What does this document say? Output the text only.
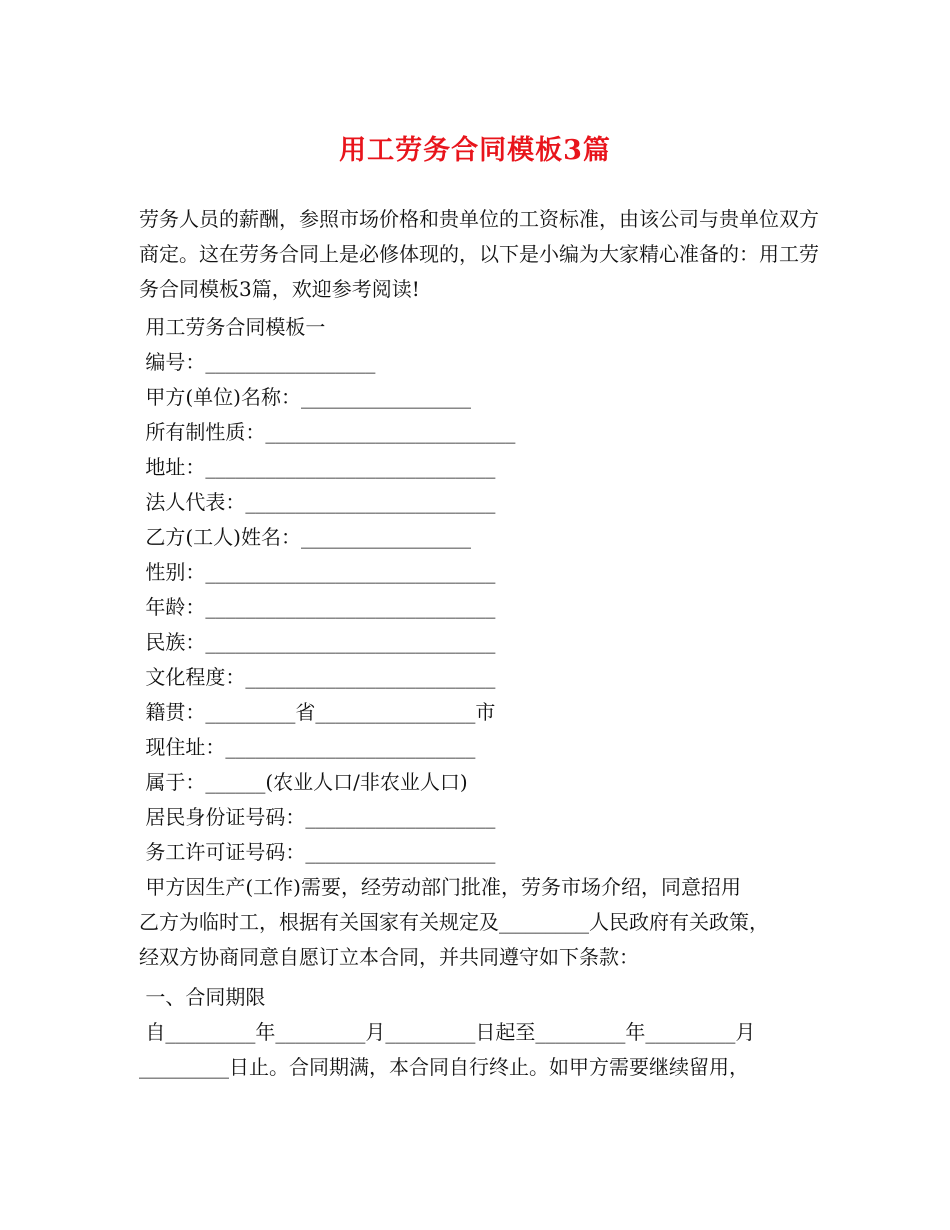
用工劳务合同模板3篇

劳务人员的薪酬，参照市场价格和贵单位的工资标准，由该公司与贵单位双方商定。这在劳务合同上是必修体现的，以下是小编为大家精心准备的：用工劳务合同模板3篇，欢迎参考阅读!

用工劳务合同模板一

编号：_________________

甲方(单位)名称：_________________

所有制性质：_________________________

地址：_____________________________

法人代表：_________________________

乙方(工人)姓名：_________________

性别：_____________________________

年龄：_____________________________

民族：_____________________________

文化程度：_________________________

籍贯：_________省________________市

现住址：_________________________

属于：______(农业人口/非农业人口)

居民身份证号码：___________________

务工许可证号码：___________________

甲方因生产(工作)需要，经劳动部门批准，劳务市场介绍，同意招用

乙方为临时工，根据有关国家有关规定及_________人民政府有关政策，

经双方协商同意自愿订立本合同，并共同遵守如下条款：

一、合同期限

自_________年_________月_________日起至_________年_________月

_________日止。合同期满，本合同自行终止。如甲方需要继续留用，
